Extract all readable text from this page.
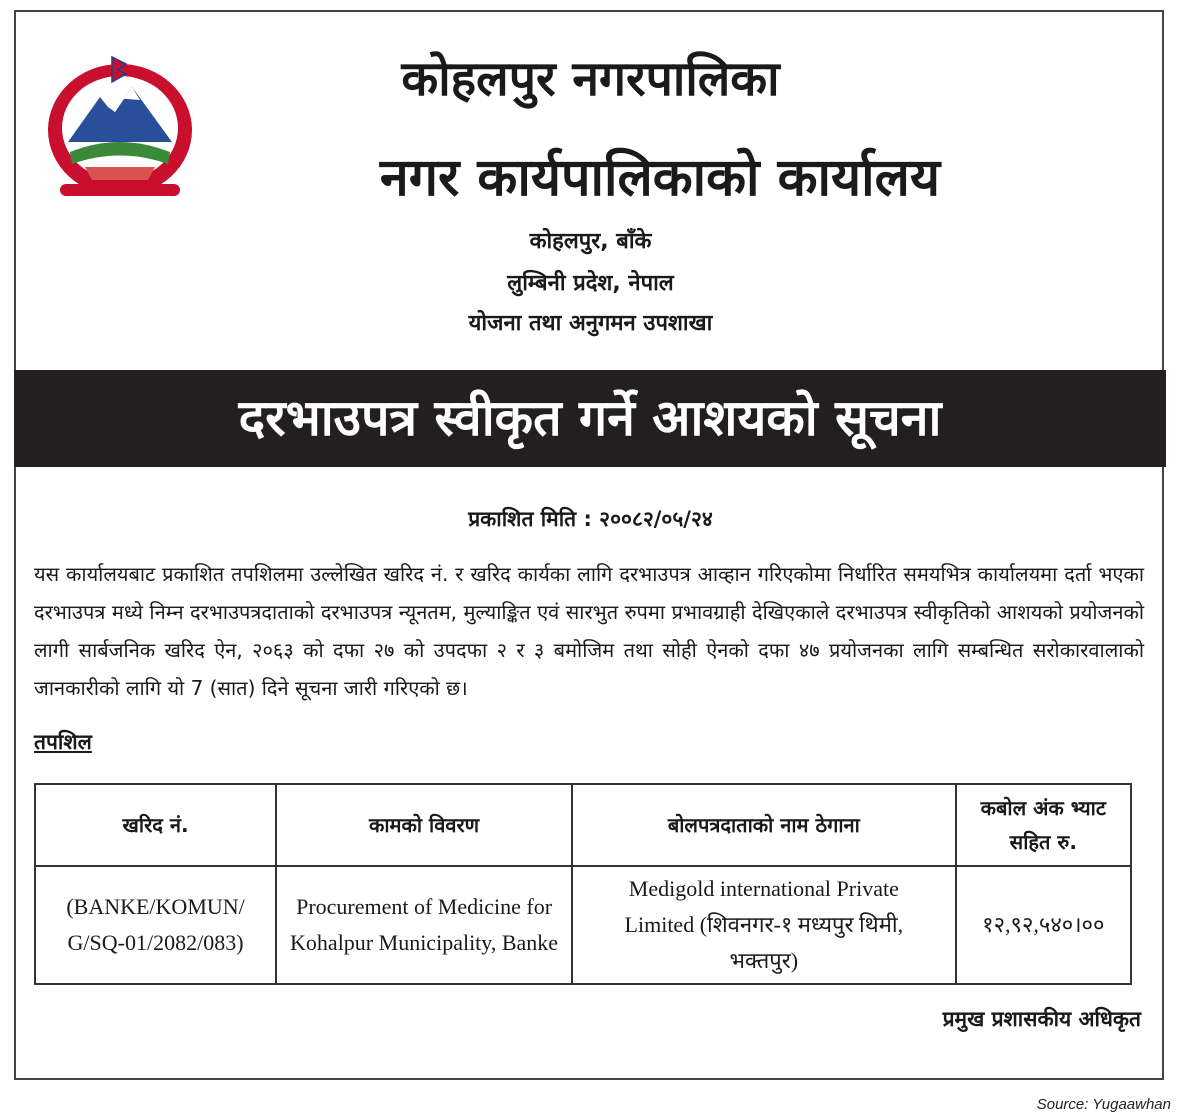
कोहलपुर नगरपालिका
नगर कार्यपालिकाको कार्यालय
कोहलपुर, बाँके
लुम्बिनी प्रदेश, नेपाल
योजना तथा अनुगमन उपशाखा
दरभाउपत्र स्वीकृत गर्ने आशयको सूचना
प्रकाशित मिति : २००८२/०५/२४
यस कार्यालयबाट प्रकाशित तपशिलमा उल्लेखित खरिद नं. र खरिद कार्यका लागि दरभाउपत्र आव्हान गरिएकोमा निर्धारित समयभित्र कार्यालयमा दर्ता भएका दरभाउपत्र मध्ये निम्न दरभाउपत्रदाताको दरभाउपत्र न्यूनतम, मुल्याङ्कित एवं सारभुत रुपमा प्रभावग्राही देखिएकाले दरभाउपत्र स्वीकृतिको आशयको प्रयोजनको लागी सार्बजनिक खरिद ऐन, २०६३ को दफा २७ को उपदफा २ र ३ बमोजिम तथा सोही ऐनको दफा ४७ प्रयोजनका लागि सम्बन्धित सरोकारवालाको जानकारीको लागि यो 7 (सात) दिने सूचना जारी गरिएको छ।
तपशिल
खरिद नं.	कामको विवरण	बोलपत्रदाताको नाम ठेगाना	कबोल अंक भ्याट सहित रु.
(BANKE/KOMUN/ G/SQ-01/2082/083)	Procurement of Medicine for Kohalpur Municipality, Banke	Medigold international Private Limited (शिवनगर-१ मध्यपुर थिमी, भक्तपुर)	१२,९२,५४०।००
प्रमुख प्रशासकीय अधिकृत
Source: Yugaawhan
